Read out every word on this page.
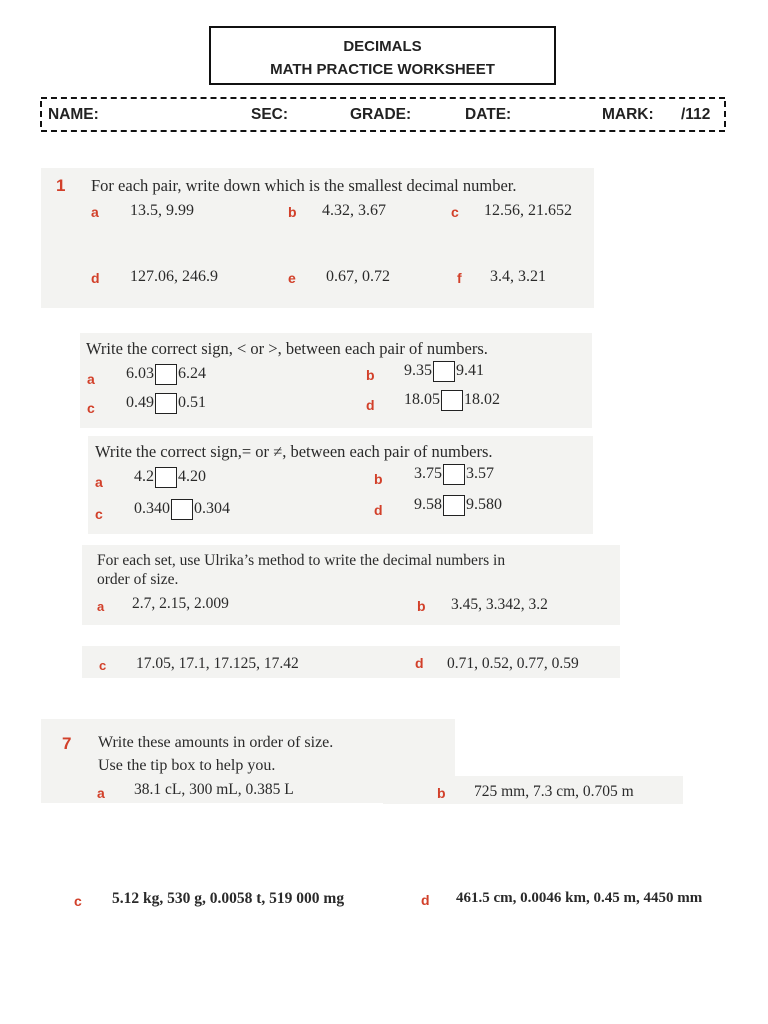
DECIMALS
MATH PRACTICE WORKSHEET
NAME:	SEC:	GRADE:	DATE:	MARK: /112
1 For each pair, write down which is the smallest decimal number.
a 13.5, 9.99	b 4.32, 3.67	c 12.56, 21.652
d 127.06, 246.9	e 0.67, 0.72	f 3.4, 3.21
Write the correct sign, < or >, between each pair of numbers.
a 6.03 6.24	b 9.35 9.41
c 0.49 0.51	d 18.05 18.02
Write the correct sign,= or ≠, between each pair of numbers.
a 4.2 4.20	b 3.75 3.57
c 0.340 0.304	d 9.58 9.580
For each set, use Ulrika’s method to write the decimal numbers in
order of size.
a 2.7, 2.15, 2.009	b 3.45, 3.342, 3.2
c 17.05, 17.1, 17.125, 17.42	d 0.71, 0.52, 0.77, 0.59
7 Write these amounts in order of size.
Use the tip box to help you.
a 38.1 cL, 300 mL, 0.385 L	b 725 mm, 7.3 cm, 0.705 m
c 5.12 kg, 530 g, 0.0058 t, 519 000 mg	d 461.5 cm, 0.0046 km, 0.45 m, 4450 mm
